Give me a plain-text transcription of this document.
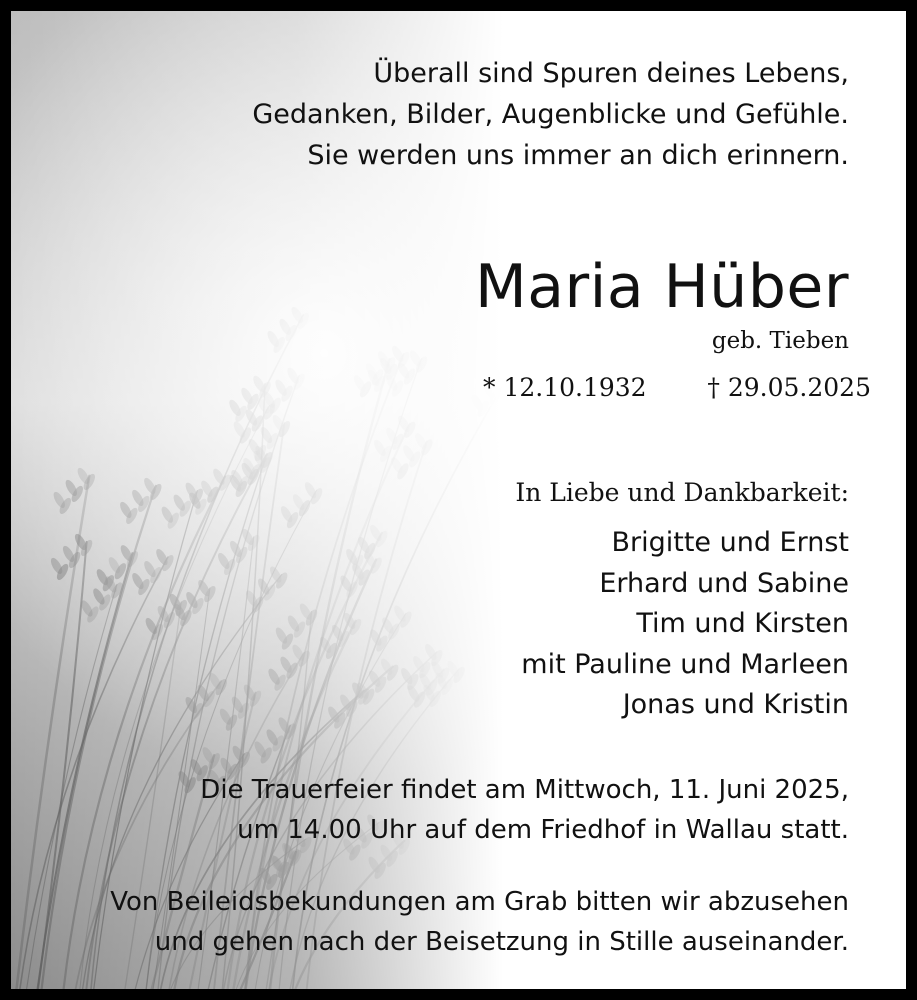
Überall sind Spuren deines Lebens,
Gedanken, Bilder, Augenblicke und Gefühle.
Sie werden uns immer an dich erinnern.
Maria Hüber
geb. Tieben
* 12.10.1932 † 29.05.2025
In Liebe und Dankbarkeit:
Brigitte und Ernst
Erhard und Sabine
Tim und Kirsten
mit Pauline und Marleen
Jonas und Kristin
Die Trauerfeier findet am Mittwoch, 11. Juni 2025,
um 14.00 Uhr auf dem Friedhof in Wallau statt.
Von Beileidsbekundungen am Grab bitten wir abzusehen
und gehen nach der Beisetzung in Stille auseinander.
